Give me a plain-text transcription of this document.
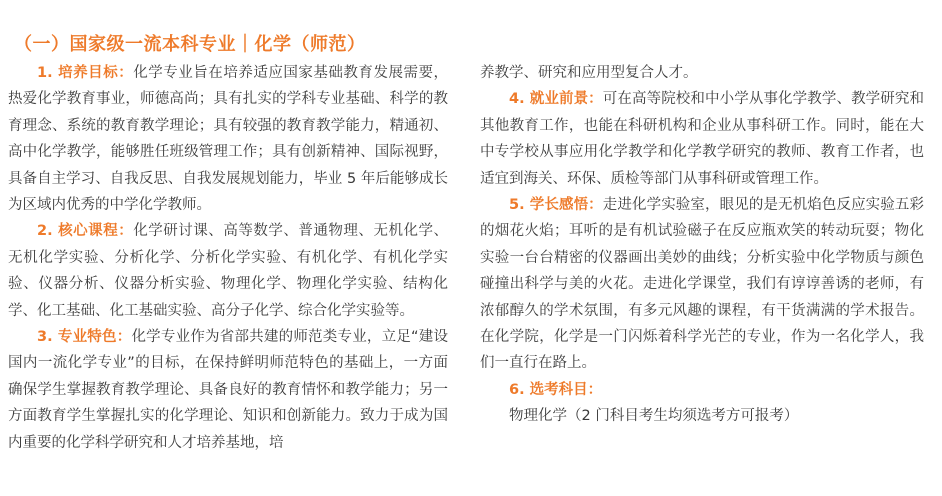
（一）国家级一流本科专业｜化学（师范）

1. 培养目标：化学专业旨在培养适应国家基础教育发展需要，热爱化学教育事业，师德高尚；具有扎实的学科专业基础、科学的教育理念、系统的教育教学理论；具有较强的教育教学能力，精通初、高中化学教学，能够胜任班级管理工作；具有创新精神、国际视野，具备自主学习、自我反思、自我发展规划能力，毕业 5 年后能够成长为区域内优秀的中学化学教师。

2. 核心课程：化学研讨课、高等数学、普通物理、无机化学、无机化学实验、分析化学、分析化学实验、有机化学、有机化学实验、仪器分析、仪器分析实验、物理化学、物理化学实验、结构化学、化工基础、化工基础实验、高分子化学、综合化学实验等。

3. 专业特色：化学专业作为省部共建的师范类专业，立足“建设国内一流化学专业”的目标，在保持鲜明师范特色的基础上，一方面确保学生掌握教育教学理论、具备良好的教育情怀和教学能力；另一方面教育学生掌握扎实的化学理论、知识和创新能力。致力于成为国内重要的化学科学研究和人才培养基地，培

养教学、研究和应用型复合人才。

4. 就业前景：可在高等院校和中小学从事化学教学、教学研究和其他教育工作，也能在科研机构和企业从事科研工作。同时，能在大中专学校从事应用化学教学和化学教学研究的教师、教育工作者，也适宜到海关、环保、质检等部门从事科研或管理工作。

5. 学长感悟：走进化学实验室，眼见的是无机焰色反应实验五彩的烟花火焰；耳听的是有机试验磁子在反应瓶欢笑的转动玩耍；物化实验一台台精密的仪器画出美妙的曲线；分析实验中化学物质与颜色碰撞出科学与美的火花。走进化学课堂，我们有谆谆善诱的老师，有浓郁醇久的学术氛围，有多元风趣的课程，有干货满满的学术报告。在化学院，化学是一门闪烁着科学光芒的专业，作为一名化学人，我们一直行在路上。

6. 选考科目：

物理化学（2 门科目考生均须选考方可报考）
